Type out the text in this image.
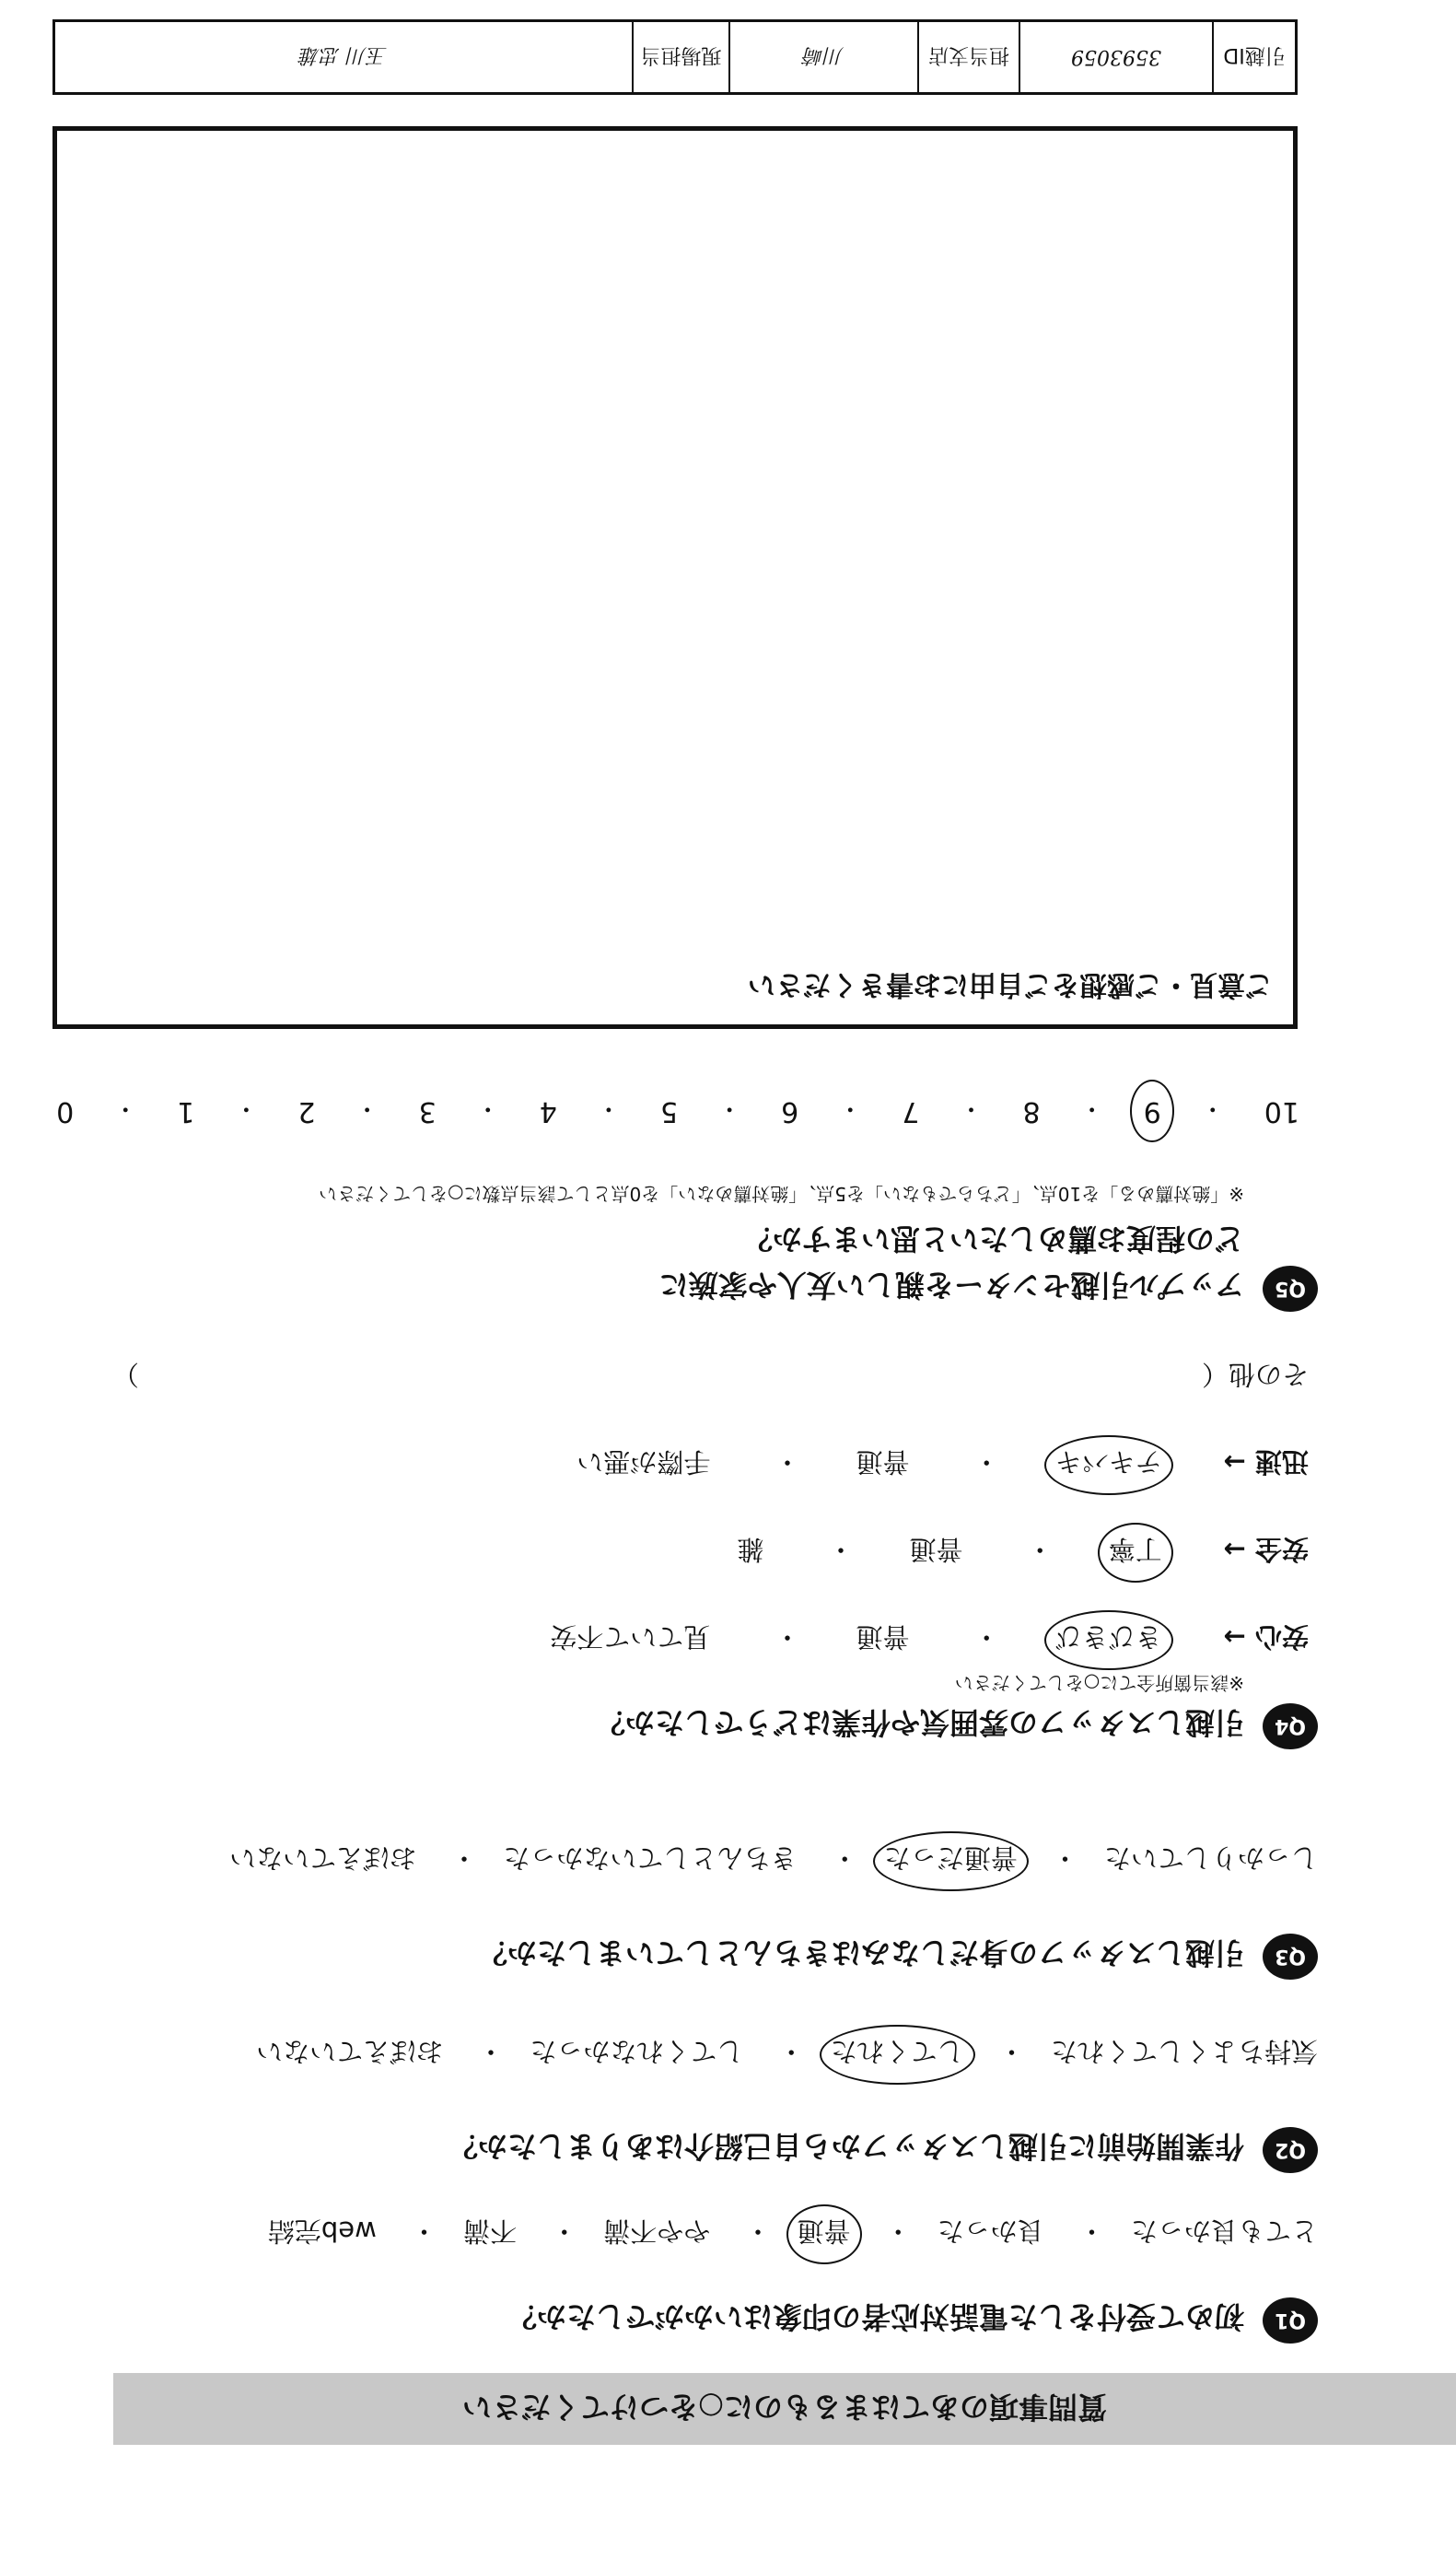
引越ID
3593059
担当支店
川崎
現場担当
玉川 忠雄
ご意見・ご感想をご自由にお書きください
10
・
9
・
8
・
7
・
6
・
5
・
4
・
3
・
2
・
1
・
0
Q5
アップル引越センターを親しい友人や家族に
どの程度お薦めしたいと思いますか？
※「絶対薦める」を10点、「どちらでもない」を5点、「絶対薦めない」を0点として該当点数に○をしてください
Q4
引越しスタッフの雰囲気や作業はどうでしたか？
※該当箇所全てに○をしてください
安心 → きびきび・ 普通・ 見ていて不安
安全 → 丁寧・ 普通・ 雑
迅速 → テキパキ・ 普通・ 手際が悪い
その他（
）
Q3
引越しスタッフの身だしなみはきちんとしていましたか？
しっかりしていた・ 普通だった・ きちんとしていなかった・ おぼえていない
Q2
作業開始前に引越しスタッフから自己紹介はありましたか？
気持ちよくしてくれた・ してくれた・ してくれなかった・ おぼえていない
Q1
初めて受付をした電話対応者の印象はいかがでしたか？
とても良かった・ 良かった・ 普通・ やや不満・ 不満・ web完結
質問事項のあてはまるものに○をつけてください
